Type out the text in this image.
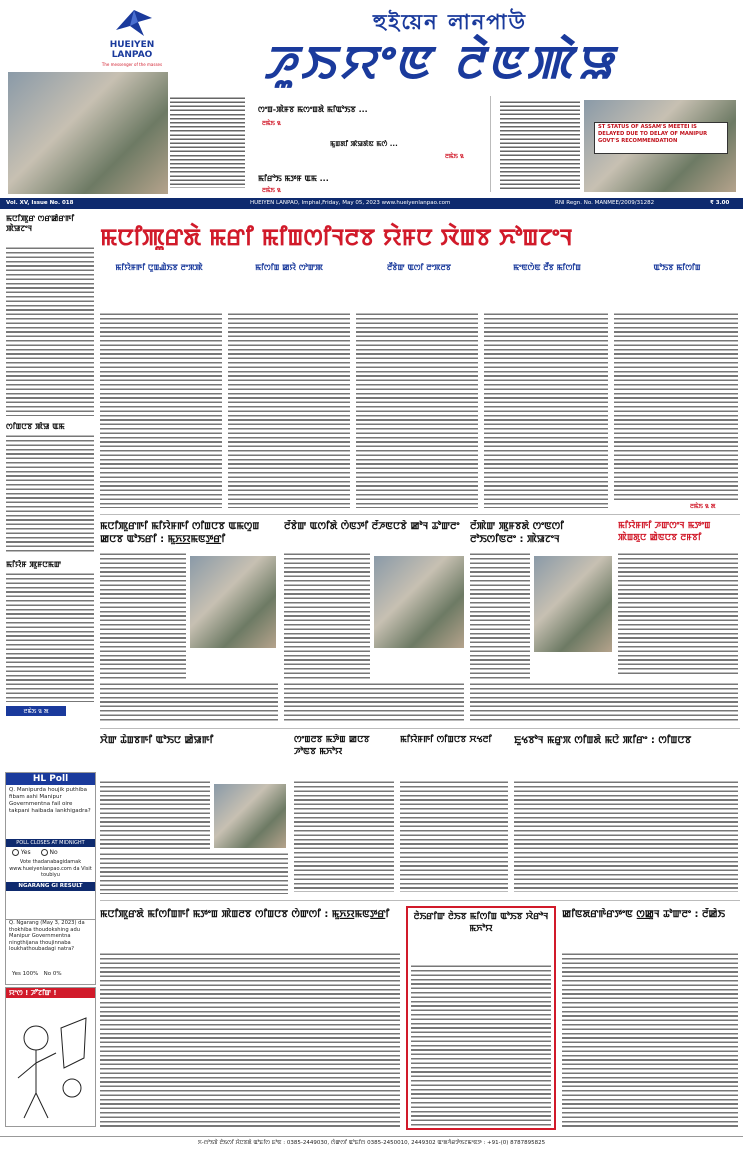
HUEIYEN LANPAO
The messenger of the masses
হুইয়েন লানপাউ
ꯍꯨꯏꯌꯦꯟ ꯂꯥꯟꯄꯥꯎ
ꯁꯦꯡ-ꯄꯥꯝꯕ ꯃꯁꯦꯡꯗꯥ ꯃꯤꯑꯣꯏꯕ ...
ꯂꯃꯥꯏ ꯲
ꯃꯨꯡꯗꯤ ꯄꯥꯎꯗꯥꯟ ꯃꯁꯥ ...
ꯂꯃꯥꯏ ꯲
ꯃꯤꯔꯣꯏ ꯃꯇꯝ ꯑꯃ ...
ꯂꯃꯥꯏ ꯲
ST STATUS OF ASSAM'S MEETEI IS DELAYED DUE TO DELAY OF MANIPUR GOVT'S RECOMMENDATION
Vol. XV, Issue No. 018	HUEIYEN LANPAO, Imphal,Friday, May 05, 2023 www.hueiyenlanpao.com	RNI Regn. No. MANMEE/2009/31282	₹ 3.00
ꯃꯅꯤꯄꯨꯔ ꯁꯔꯀꯥꯔꯒꯤ ꯄꯥꯎꯖꯦꯜ
ꯁꯤꯡꯅꯕ ꯄꯥꯎ ꯑꯃ
ꯃꯤꯌꯥꯝ ꯄꯨꯝꯅꯃꯛ
ꯂꯃꯥꯏ ꯲ ꯗ
HL Poll
Q. Manipurda houjik puthiba fibam ashi Manipur Governmentna fail oire takpani haibada lankhigadra?
POLL CLOSES AT MIDNIGHT
Yes	No
Vote thadanabagidamak www.hueiyenlanpao.com da Visit toubiyu
NGARANG GI RESULT
Q. Ngarang (May 3, 2023) da thokhiba thoudokshing adu Manipur Governmentna ningthijana thoujinnaba loukhathoubadagi natra?
Yes 100% No 0%
ꯌꯦꯁ ! ꯍꯧꯖꯤꯛ !
ꯃꯅꯤꯄꯨꯔꯗꯥ ꯃꯔꯤ ꯃꯤꯡꯁꯤꯜꯂꯕ ꯌꯥꯝꯅ ꯋꯥꯡꯕ ꯈꯣꯡꯖꯦꯜ
ꯃꯤꯌꯥꯝꯒꯤ ꯅꯨꯡꯉꯥꯏꯕ ꯂꯦꯞꯄꯥ	ꯃꯤꯁꯤꯡ ꯀꯌꯥ ꯁꯣꯛꯄ	ꯂꯩꯕꯥꯛ ꯑꯁꯤ ꯂꯦꯞꯂꯕ	ꯃꯦꯟꯁꯥꯟ ꯂꯩꯕ ꯃꯤꯁꯤꯡ	ꯑꯣꯏꯕ ꯃꯤꯁꯤꯡ
ꯂꯃꯥꯏ ꯲ ꯗ
ꯃꯅꯤꯄꯨꯔꯒꯤ ꯃꯤꯌꯥꯝꯒꯤ ꯁꯤꯡꯅꯕ ꯑꯃꯁꯨꯡ ꯀꯅꯕ ꯑꯣꯏꯔꯤ : ꯃꯨꯈ꯭ꯌꯃꯟꯇ꯭ꯔꯤ
ꯂꯩꯕꯥꯛ ꯑꯁꯤꯗꯥ ꯁꯥꯟꯇꯤ ꯂꯩꯍꯟꯅꯕꯥ ꯀꯣꯜ ꯊꯣꯛꯂꯦ	ꯂꯩꯄꯥꯛ ꯄꯨꯝꯕꯗꯥ ꯁꯦꯟꯁꯤ ꯂꯣꯏꯁꯤꯟꯂꯦ : ꯄꯥꯎꯖꯦꯜ
ꯃꯤꯌꯥꯝꯒꯤ ꯍꯛꯁꯦꯜ ꯃꯇꯦꯡ ꯄꯥꯡꯗꯨꯅ ꯀꯥꯟꯅꯕ ꯂꯝꯕꯤ
ꯆꯥꯛ ꯊꯥꯡꯕꯒꯤ ꯑꯣꯏꯅ ꯀꯥꯎꯒꯤ	ꯁꯦꯡꯂꯕ ꯃꯇꯥꯡ ꯀꯅꯕ ꯍꯣꯟꯕ ꯃꯈꯣꯌ
ꯃꯤꯌꯥꯝꯒꯤ ꯁꯤꯡꯅꯕ ꯆꯠꯂꯤ	ꯐꯨꯠꯕꯣꯜ ꯃꯔꯨꯞ ꯁꯤꯡꯗꯥ ꯃꯅꯥ ꯄꯤꯔꯦ : ꯁꯤꯡꯅꯕ
ꯃꯅꯤꯄꯨꯔꯗꯥ ꯃꯤꯁꯤꯡꯒꯤ ꯃꯇꯦꯡ ꯄꯥꯡꯂꯕ ꯁꯤꯡꯅꯕ ꯁꯥꯛꯁꯤ : ꯃꯨꯈ꯭ꯌꯃꯟꯇ꯭ꯔꯤ	ꯂꯥꯏꯔꯤꯛ ꯂꯥꯏꯕ ꯃꯤꯁꯤꯡ ꯑꯣꯏꯕ ꯋꯥꯔꯣꯜ ꯃꯈꯣꯌ
ꯀꯤꯟꯗꯔꯒꯥꯔꯇꯦꯟ ꯁ꯭ꯀꯨꯜ ꯊꯣꯛꯂꯦ : ꯂꯩꯀꯥꯏ
ꯈ-ꯁꯣꯏꯕꯥ ꯂꯥꯏꯁꯤ ꯆꯥꯅꯕꯗꯥ ꯑꯣꯐꯤꯁ ꯐꯣꯟ : 0385-2449030, ꯁꯥꯛꯁꯤ ꯑꯣꯐꯤꯁ 0385-2450010, 2449302 ꯑꯦꯗꯚꯥꯔꯇꯥꯏꯖꯃꯦꯟꯇ : +91-(0) 8787895825
